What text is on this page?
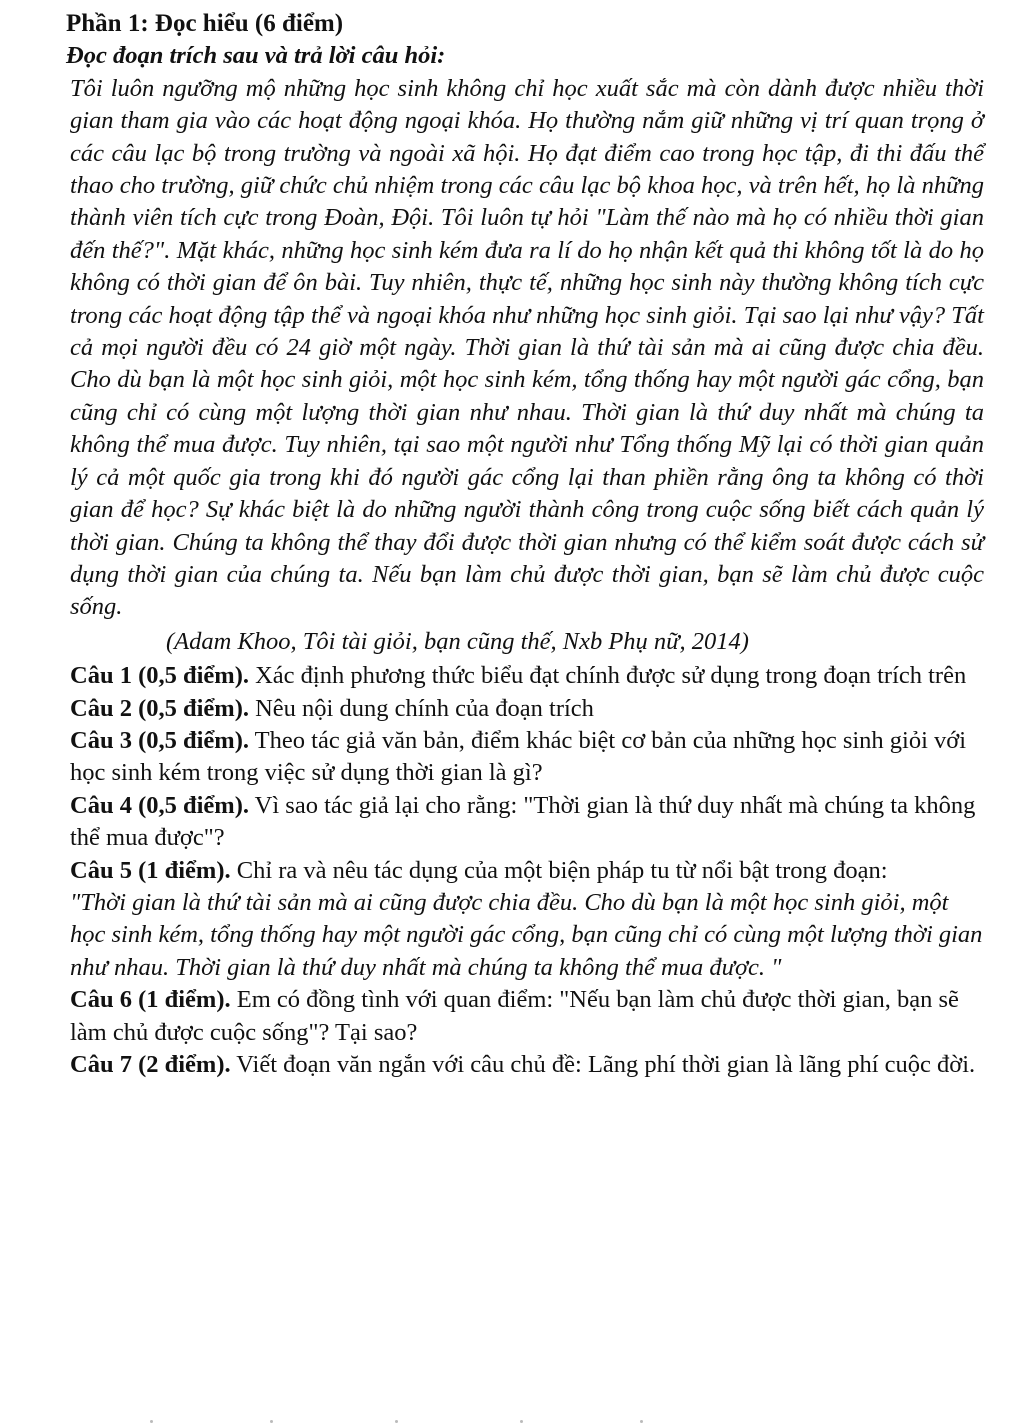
Phần 1: Đọc hiểu (6 điểm)
Đọc đoạn trích sau và trả lời câu hỏi:

Tôi luôn ngưỡng mộ những học sinh không chỉ học xuất sắc mà còn dành được nhiều thời gian tham gia vào các hoạt động ngoại khóa. Họ thường nắm giữ những vị trí quan trọng ở các câu lạc bộ trong trường và ngoài xã hội. Họ đạt điểm cao trong học tập, đi thi đấu thể thao cho trường, giữ chức chủ nhiệm trong các câu lạc bộ khoa học, và trên hết, họ là những thành viên tích cực trong Đoàn, Đội. Tôi luôn tự hỏi "Làm thế nào mà họ có nhiều thời gian đến thế?". Mặt khác, những học sinh kém đưa ra lí do họ nhận kết quả thi không tốt là do họ không có thời gian để ôn bài. Tuy nhiên, thực tế, những học sinh này thường không tích cực trong các hoạt động tập thể và ngoại khóa như những học sinh giỏi. Tại sao lại như vậy? Tất cả mọi người đều có 24 giờ một ngày. Thời gian là thứ tài sản mà ai cũng được chia đều. Cho dù bạn là một học sinh giỏi, một học sinh kém, tổng thống hay một người gác cổng, bạn cũng chỉ có cùng một lượng thời gian như nhau. Thời gian là thứ duy nhất mà chúng ta không thể mua được. Tuy nhiên, tại sao một người như Tổng thống Mỹ lại có thời gian quản lý cả một quốc gia trong khi đó người gác cổng lại than phiền rằng ông ta không có thời gian để học? Sự khác biệt là do những người thành công trong cuộc sống biết cách quản lý thời gian. Chúng ta không thể thay đổi được thời gian nhưng có thể kiểm soát được cách sử dụng thời gian của chúng ta. Nếu bạn làm chủ được thời gian, bạn sẽ làm chủ được cuộc sống.

(Adam Khoo, Tôi tài giỏi, bạn cũng thế, Nxb Phụ nữ, 2014)
Câu 1 (0,5 điểm). Xác định phương thức biểu đạt chính được sử dụng trong đoạn trích trên
Câu 2 (0,5 điểm). Nêu nội dung chính của đoạn trích
Câu 3 (0,5 điểm). Theo tác giả văn bản, điểm khác biệt cơ bản của những học sinh giỏi với học sinh kém trong việc sử dụng thời gian là gì?
Câu 4 (0,5 điểm). Vì sao tác giả lại cho rằng: "Thời gian là thứ duy nhất mà chúng ta không thể mua được"?
Câu 5 (1 điểm). Chỉ ra và nêu tác dụng của một biện pháp tu từ nổi bật trong đoạn:

"Thời gian là thứ tài sản mà ai cũng được chia đều. Cho dù bạn là một học sinh giỏi, một học sinh kém, tổng thống hay một người gác cổng, bạn cũng chỉ có cùng một lượng thời gian như nhau. Thời gian là thứ duy nhất mà chúng ta không thể mua được. "

Câu 6 (1 điểm). Em có đồng tình với quan điểm: "Nếu bạn làm chủ được thời gian, bạn sẽ làm chủ được cuộc sống"? Tại sao?
Câu 7 (2 điểm). Viết đoạn văn ngắn với câu chủ đề: Lãng phí thời gian là lãng phí cuộc đời.
